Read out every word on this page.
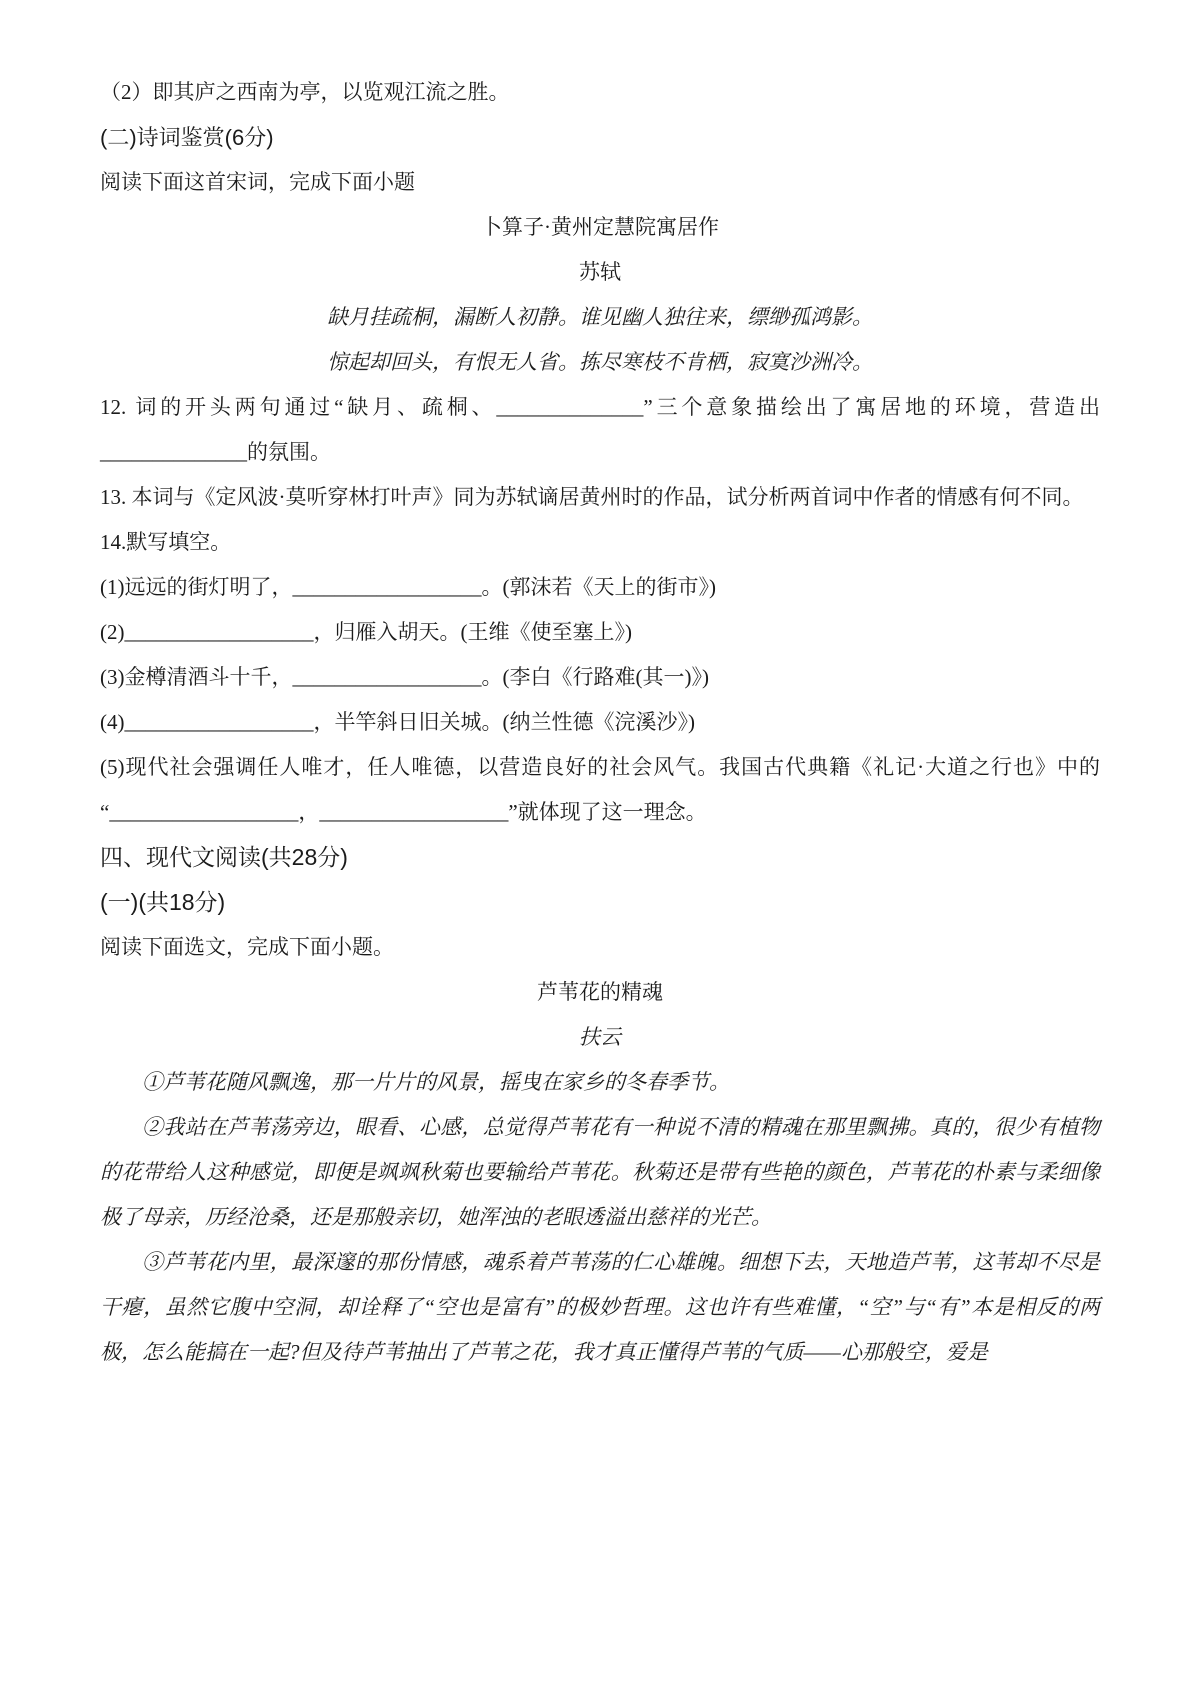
（2）即其庐之西南为亭，以览观江流之胜。

(二)诗词鉴赏(6分)

阅读下面这首宋词，完成下面小题

卜算子·黄州定慧院寓居作

苏轼

缺月挂疏桐，漏断人初静。谁见幽人独往来，缥缈孤鸿影。

惊起却回头，有恨无人省。拣尽寒枝不肯栖，寂寞沙洲冷。

12. 词的开头两句通过“缺月、疏桐、______________”三个意象描绘出了寓居地的环境，营造出______________的氛围。

13. 本词与《定风波·莫听穿林打叶声》同为苏轼谪居黄州时的作品，试分析两首词中作者的情感有何不同。

14.默写填空。

(1)远远的街灯明了，__________________。(郭沫若《天上的街市》)

(2)__________________，归雁入胡天。(王维《使至塞上》)

(3)金樽清酒斗十千，__________________。(李白《行路难(其一)》)

(4)__________________，半竿斜日旧关城。(纳兰性德《浣溪沙》)

(5)现代社会强调任人唯才，任人唯德，以营造良好的社会风气。我国古代典籍《礼记·大道之行也》中的“__________________，__________________”就体现了这一理念。

四、现代文阅读(共28分)
(一)(共18分)

阅读下面选文，完成下面小题。

芦苇花的精魂

扶云

①芦苇花随风飘逸，那一片片的风景，摇曳在家乡的冬春季节。

②我站在芦苇荡旁边，眼看、心感，总觉得芦苇花有一种说不清的精魂在那里飘拂。真的，很少有植物的花带给人这种感觉，即便是飒飒秋菊也要输给芦苇花。秋菊还是带有些艳的颜色，芦苇花的朴素与柔细像极了母亲，历经沧桑，还是那般亲切，她浑浊的老眼透溢出慈祥的光芒。

③芦苇花内里，最深邃的那份情感，魂系着芦苇荡的仁心雄魄。细想下去，天地造芦苇，这苇却不尽是干瘪，虽然它腹中空洞，却诠释了“空也是富有”的极妙哲理。这也许有些难懂，“空”与“有”本是相反的两极，怎么能搞在一起?但及待芦苇抽出了芦苇之花，我才真正懂得芦苇的气质——心那般空，爱是
